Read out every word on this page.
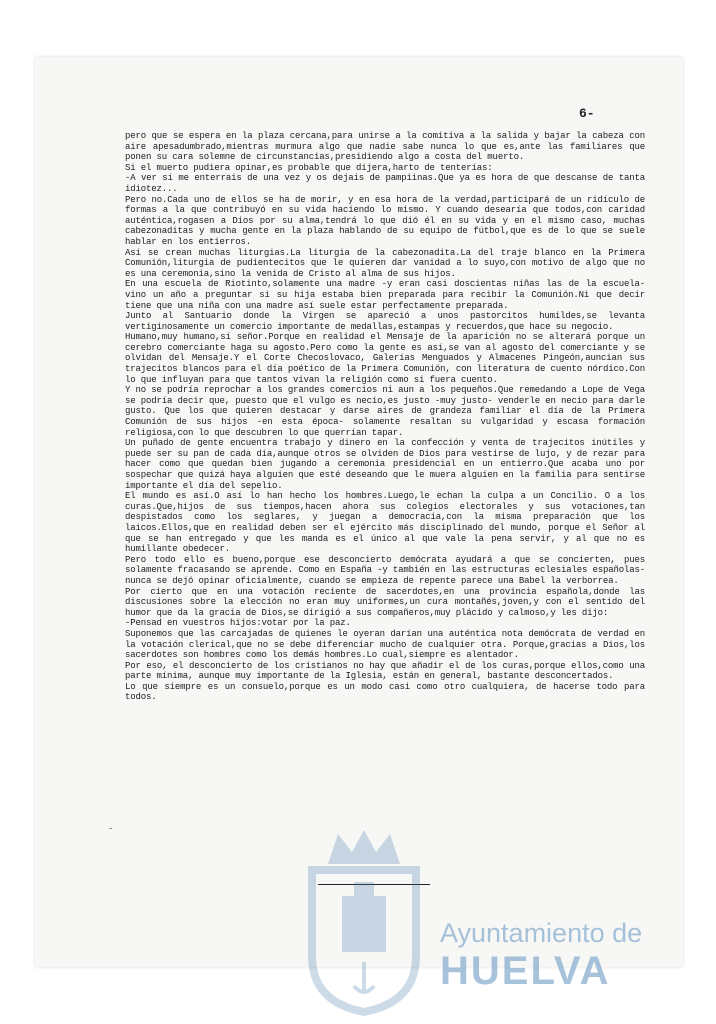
6-

pero que se espera en la plaza cercana,para unirse a la comitiva a la salida y bajar la cabeza con aire apesadumbrado,mientras murmura algo que nadie sabe nunca lo que es,ante las familiares que ponen su cara solemne de circunstancias,presidiendo algo a costa del muerto.

Si el muerto pudiera opinar,es probable que dijera,harto de tenterías:

-A ver si me enterrais de una vez y os dejais de pampiinas.Que ya es hora de que descanse de tanta idiotez...

Pero no.Cada uno de ellos se ha de morir, y en esa hora de la verdad,participará de un ridículo de formas a la que contribuyó en su vida haciendo lo mismo. Y cuando desearía que todos,con caridad auténtica,rogasen a Dios por su alma,tendrá lo que dió él en su vida y en el mismo caso, muchas cabezonaditas y mucha gente en la plaza hablando de su equipo de fútbol,que es de lo que se suele hablar en los entierros.

Así se crean muchas liturgias.La liturgia de la cabezonadita.La del traje blanco en la Primera Comunión,liturgia de pudientecitos que le quieren dar vanidad a lo suyo,con motivo de algo que no es una ceremonia,sino la venida de Cristo al alma de sus hijos.

En una escuela de Riotinto,solamente una madre -y eran casi doscientas niñas las de la escuela- vino un año a preguntar si su hija estaba bien preparada para recibir la Comunión.Ni que decir tiene que una niña con una madre así suele estar perfectamente preparada.

Junto al Santuario donde la Virgen se apareció a unos pastorcitos humildes,se levanta vertiginosamente un comercio importante de medallas,estampas y recuerdos,que hace su negocio.

Humano,muy humano,sí señor.Porque en realidad el Mensaje de la aparición no se alterará porque un cerebro comerciante haga su agosto.Pero como la gente es así,se van al agosto del comerciante y se olvidan del Mensaje.Y el Corte Checoslovaco, Galerías Menguados y Almacenes Pingeón,auncian sus trajecitos blancos para el día poético de la Primera Comunión, con literatura de cuento nórdico.Con lo que influyan para que tantos vivan la religión como si fuera cuento.

Y no se podría reprochar a los grandes comercios ni aun a los pequeños.Que remedando a Lope de Vega se podría decir que, puesto que el vulgo es necio,es justo -muy justo- venderle en necio para darle gusto. Que los que quieren destacar y darse aires de grandeza familiar el día de la Primera Comunión de sus hijos -en esta época- solamente resaltan su vulgaridad y escasa formación religiosa,con lo que descubren lo que querrían tapar.

Un puñado de gente encuentra trabajo y dinero en la confección y venta de trajecitos inútiles y puede ser su pan de cada día,aunque otros se olviden de Dios para vestirse de lujo, y de rezar para hacer como que quedan bien jugando a ceremonia presidencial en un entierro.Que acaba uno por sospechar que quizá haya alguien que esté deseando que le muera alguien en la familia para sentirse importante el día del sepelio.

El mundo es así.O así lo han hecho los hombres.Luego,le echan la culpa a un Concilio. O a los curas.Que,hijos de sus tiempos,hacen ahora sus colegios electorales y sus votaciones,tan despistados como los seglares, y juegan a democracia,con la misma preparación que los laicos.Ellos,que en realidad deben ser el ejército más disciplinado del mundo, porque el Señor al que se han entregado y que les manda es el único al que vale la pena servir, y al que no es humillante obedecer.

Pero todo ello es bueno,porque ese desconcierto demócrata ayudará a que se concierten, pues solamente fracasando se aprende. Como en España -y también en las estructuras eclesiales españolas- nunca se dejó opinar oficialmente, cuando se empieza de repente parece una Babel la verborrea.

Por cierto que en una votación reciente de sacerdotes,en una provincia española,donde las discusiones sobre la elección no eran muy uniformes,un cura montañés,joven,y con el sentido del humor que da la gracia de Dios,se dirigió a sus compañeros,muy plácido y calmoso,y les dijo:

-Pensad en vuestros hijos:votar por la paz.

Suponemos que las carcajadas de quienes le oyeran darían una auténtica nota demócrata de verdad en la votación clerical,que no se debe diferenciar mucho de cualquier otra. Porque,gracias a Dios,los sacerdotes son hombres como los demás hombres.Lo cual,siempre es alentador.

Por eso, el desconcierto de los cristianos no hay que añadir el de los curas,porque ellos,como una parte mínima, aunque muy importante de la Iglesia, están en general, bastante desconcertados.

Lo que siempre es un consuelo,porque es un modo casi como otro cualquiera, de hacerse todo para todos.

-
Ayuntamiento de
HUELVA
